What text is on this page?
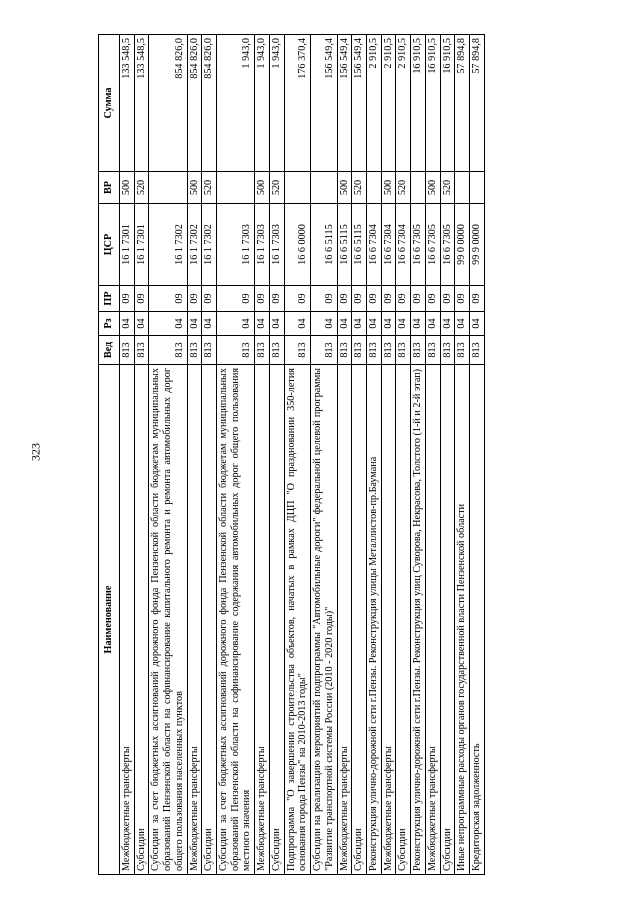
323
Наименование	Вед	Рз	ПР	ЦСР	ВР	Сумма
Межбюджетные трансферты	813	04	09	16 1 7301	500	133 548,5
Субсидии	813	04	09	16 1 7301	520	133 548,5
Субсидии за счет бюджетных ассигнований дорожного фонда Пензенской области бюджетам муниципальных образований Пензенской области на софинансирование капитального ремонта и ремонта автомобильных дорог общего пользования населенных пунктов	813	04	09	16 1 7302		854 826,0
Межбюджетные трансферты	813	04	09	16 1 7302	500	854 826,0
Субсидии	813	04	09	16 1 7302	520	854 826,0
Субсидии за счет бюджетных ассигнований дорожного фонда Пензенской области бюджетам муниципальных образований Пензенской области на софинансирование содержания автомобильных дорог общего пользования местного значения	813	04	09	16 1 7303		1 943,0
Межбюджетные трансферты	813	04	09	16 1 7303	500	1 943,0
Субсидии	813	04	09	16 1 7303	520	1 943,0
Подпрограмма "О завершении строительства объектов, начатых в рамках ДЦП "О праздновании 350-летия основания города Пензы" на 2010-2013 годы"	813	04	09	16 6 0000		176 370,4
Субсидии на реализацию мероприятий подпрограммы "Автомобильные дороги" федеральной целевой программы "Развитие транспортной системы России (2010 - 2020 годы)"	813	04	09	16 6 5115		156 549,4
Межбюджетные трансферты	813	04	09	16 6 5115	500	156 549,4
Субсидии	813	04	09	16 6 5115	520	156 549,4
Реконструкция улично-дорожной сети г.Пензы. Реконструкция улицы Металлистов-пр.Баумана	813	04	09	16 6 7304		2 910,5
Межбюджетные трансферты	813	04	09	16 6 7304	500	2 910,5
Субсидии	813	04	09	16 6 7304	520	2 910,5
Реконструкция улично-дорожной сети г.Пензы. Реконструкция улиц Суворова, Некрасова, Толстого (1-й и 2-й этап)	813	04	09	16 6 7305		16 910,5
Межбюджетные трансферты	813	04	09	16 6 7305	500	16 910,5
Субсидии	813	04	09	16 6 7305	520	16 910,5
Иные непрограммные расходы органов государственной власти Пензенской области	813	04	09	99 0 0000		57 894,8
Кредиторская задолженность	813	04	09	99 9 0000		57 894,8
